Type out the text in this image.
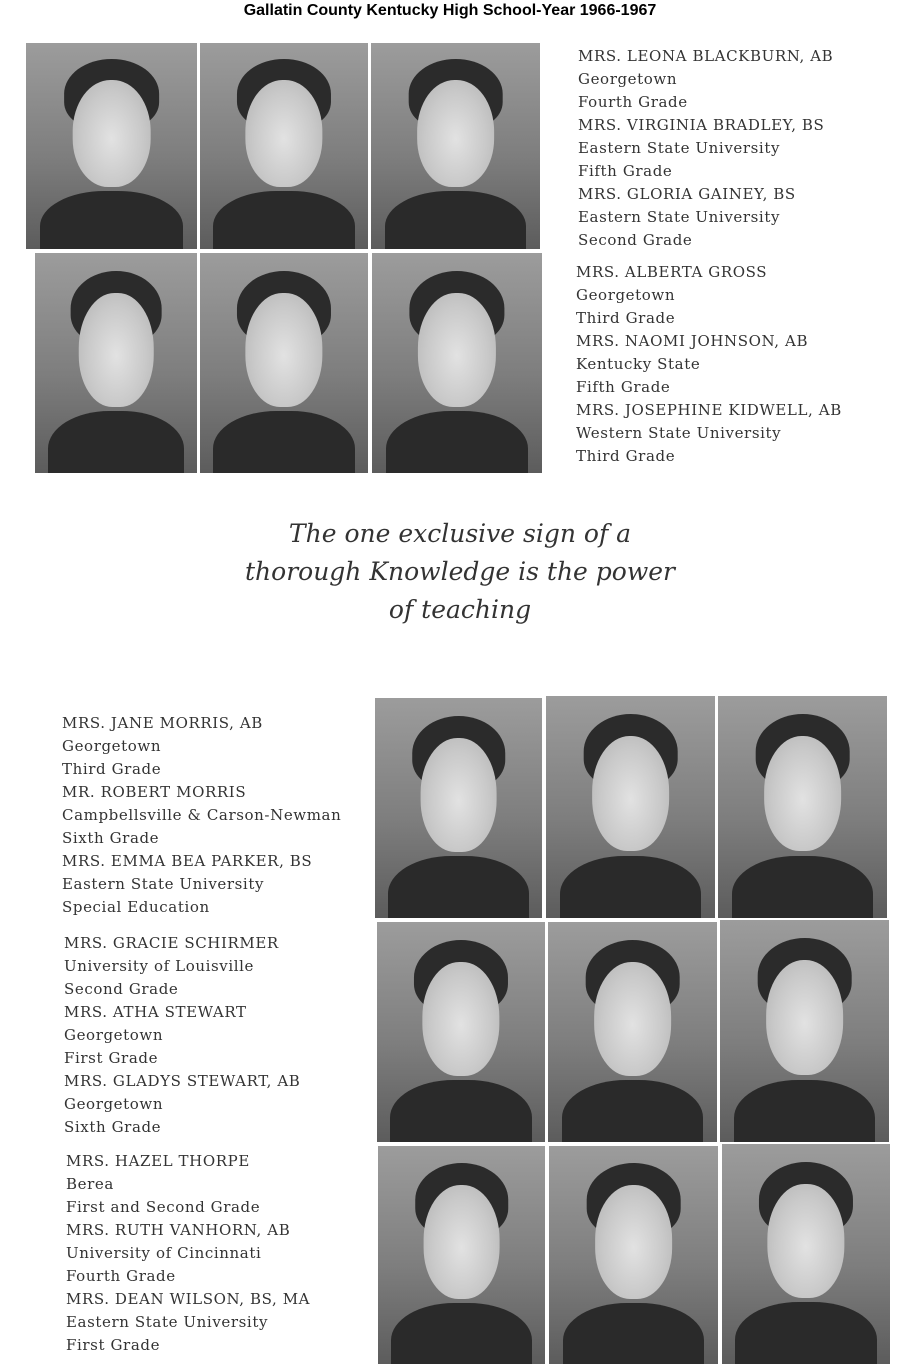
Gallatin County Kentucky High School-Year 1966-1967
MRS. LEONA BLACKBURN, AB
Georgetown
Fourth Grade
MRS. VIRGINIA BRADLEY, BS
Eastern State University
Fifth Grade
MRS. GLORIA GAINEY, BS
Eastern State University
Second Grade
MRS. ALBERTA GROSS
Georgetown
Third Grade
MRS. NAOMI JOHNSON, AB
Kentucky State
Fifth Grade
MRS. JOSEPHINE KIDWELL, AB
Western State University
Third Grade
The one exclusive sign of a
thorough Knowledge is the power
of teaching
MRS. JANE MORRIS, AB
Georgetown
Third Grade
MR. ROBERT MORRIS
Campbellsville & Carson-Newman
Sixth Grade
MRS. EMMA BEA PARKER, BS
Eastern State University
Special Education
MRS. GRACIE SCHIRMER
University of Louisville
Second Grade
MRS. ATHA STEWART
Georgetown
First Grade
MRS. GLADYS STEWART, AB
Georgetown
Sixth Grade
MRS. HAZEL THORPE
Berea
First and Second Grade
MRS. RUTH VANHORN, AB
University of Cincinnati
Fourth Grade
MRS. DEAN WILSON, BS, MA
Eastern State University
First Grade
